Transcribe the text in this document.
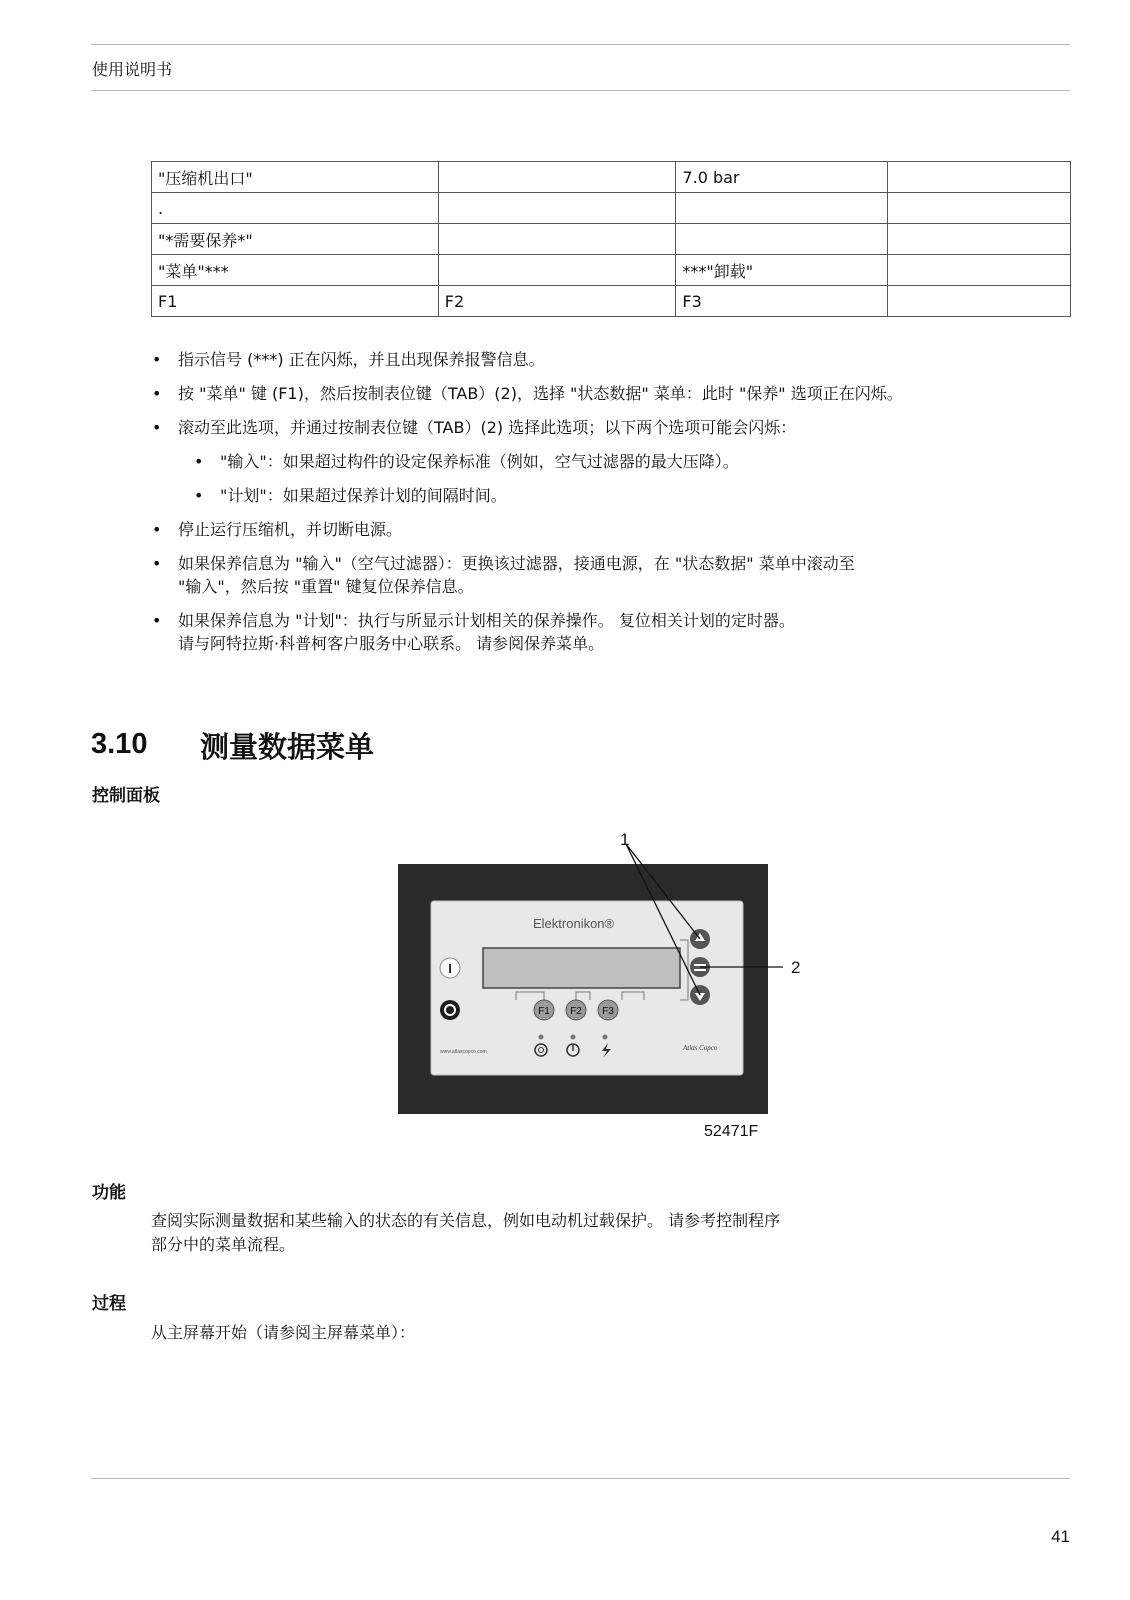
使用说明书
"压缩机出口"		7.0 bar	
.			
"*需要保养*"			
"菜单"***		***"卸载"	
F1	F2	F3	
• 指示信号 (***) 正在闪烁，并且出现保养报警信息。
• 按 "菜单" 键 (F1)，然后按制表位键（TAB）(2)，选择 "状态数据" 菜单：此时 "保养" 选项正在闪烁。
• 滚动至此选项，并通过按制表位键（TAB）(2) 选择此选项；以下两个选项可能会闪烁：
• "输入"：如果超过构件的设定保养标准（例如，空气过滤器的最大压降）。
• "计划"：如果超过保养计划的间隔时间。
• 停止运行压缩机，并切断电源。
• 如果保养信息为 "输入"（空气过滤器）：更换该过滤器，接通电源，在 "状态数据" 菜单中滚动至
"输入"，然后按 "重置" 键复位保养信息。
• 如果保养信息为 "计划"：执行与所显示计划相关的保养操作。 复位相关计划的定时器。
请与阿特拉斯·科普柯客户服务中心联系。 请参阅保养菜单。
3.10 测量数据菜单
控制面板
Elektronikon®
F1 F2 F3
I
www.atlascopco.com	Atlas Copco
1
2
52471F
功能
查阅实际测量数据和某些输入的状态的有关信息，例如电动机过载保护。 请参考控制程序
部分中的菜单流程。
过程
从主屏幕开始（请参阅主屏幕菜单）：
41
